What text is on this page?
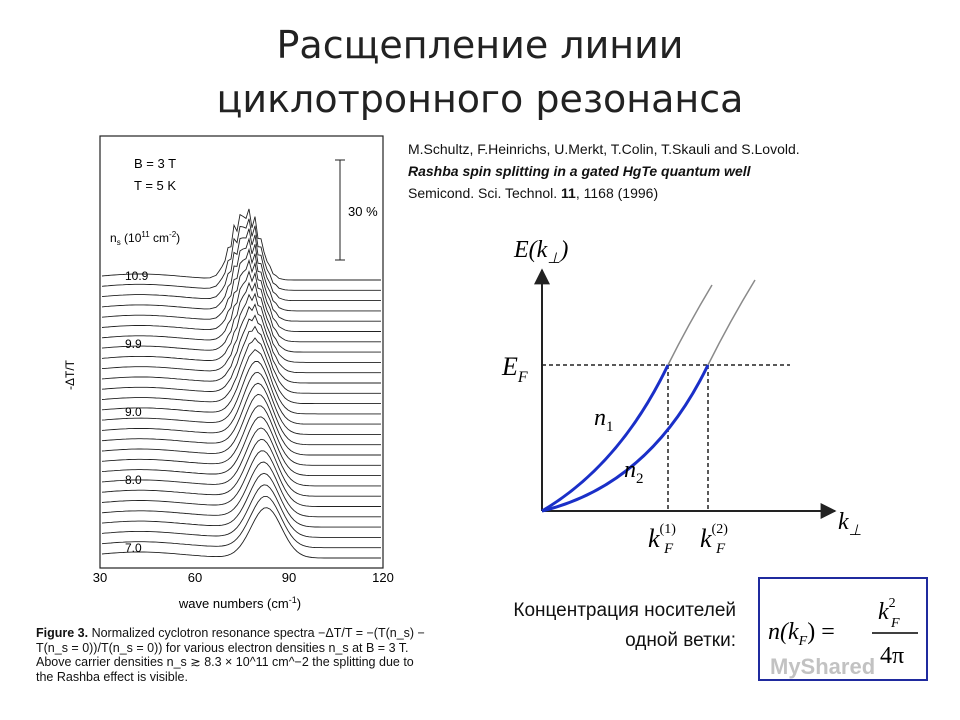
Расщепление линии
циклотронного резонанса
M.Schultz, F.Heinrichs, U.Merkt, T.Colin, T.Skauli and S.Lovold.
Rashba spin splitting in a gated HgTe quantum well
Semicond. Sci. Technol. 11, 1168 (1996)
B = 3 T
T = 5 K
$n_s$ ($10^{11}$ $cm^{-2}$)
30 %
-ΔT/T
10.9
9.9
9.0
8.0
7.0
30	60	90	120
wave numbers $(cm^{-1})$
Figure 3. Normalized cyclotron resonance spectra −ΔT/T = −(T(n_s) − T(n_s = 0))/T(n_s = 0)) for various electron densities n_s at B = 3 T. Above carrier densities n_s ≳ 8.3 × 10^11 cm^−2 the splitting due to the Rashba effect is visible.
$E(k_\perp)$
$E_F$
$k_\perp$
$n_1$
$n_2$
$k^{(1)}$
F $k^{(2)}$
F
Концентрация носителей
одной ветки: $n(k_F)$ =
$k^2$
F
4π
MyShared
